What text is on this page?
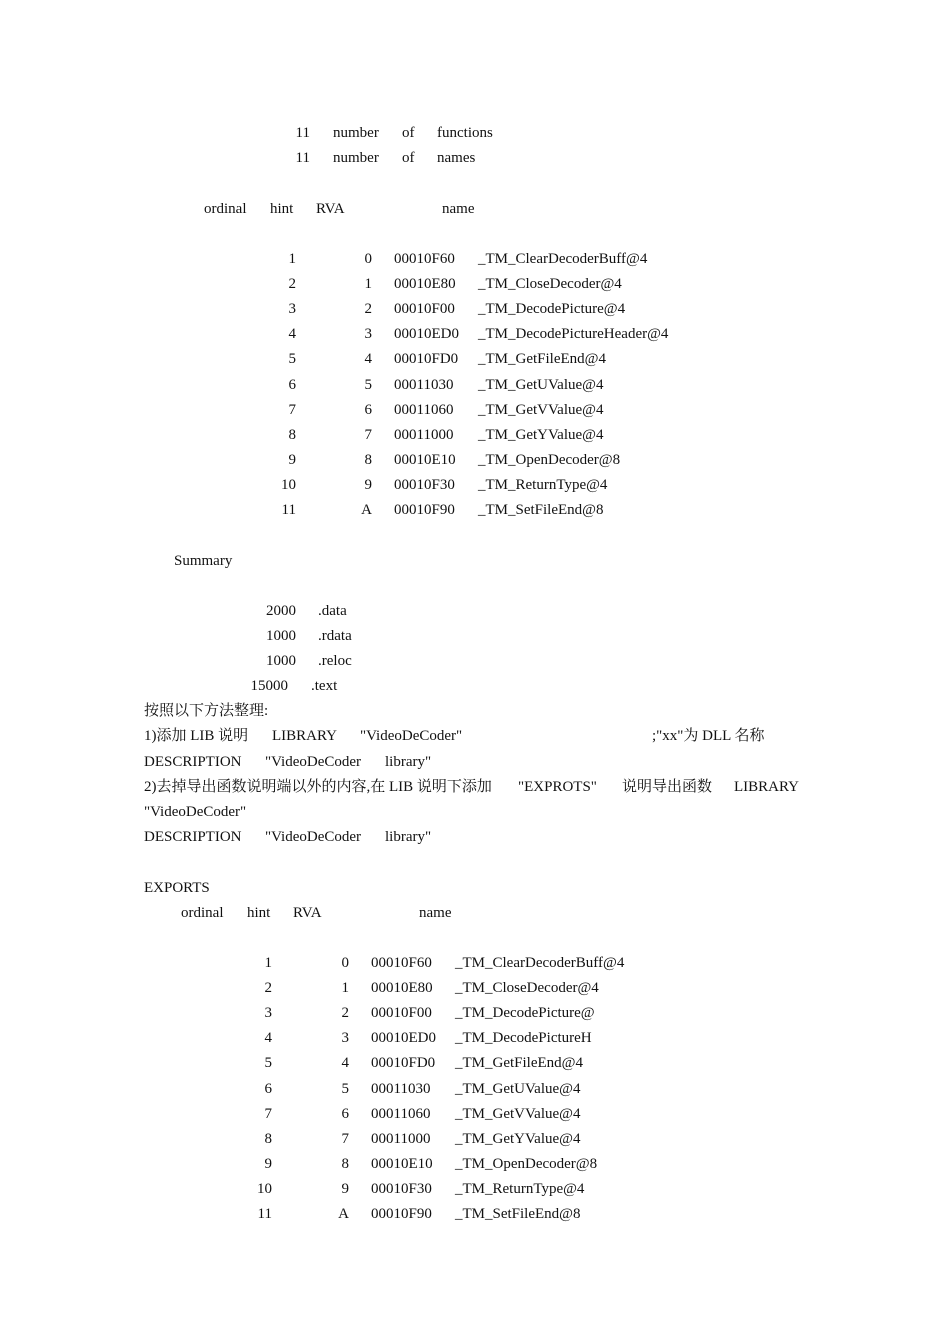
11 number of functions
11 number of names
ordinal hint RVA	name
1	0 00010F60 _TM_ClearDecoderBuff@4
2	1 00010E80 _TM_CloseDecoder@4
3	2 00010F00 _TM_DecodePicture@4
4	3 00010ED0 _TM_DecodePictureHeader@4
5	4 00010FD0 _TM_GetFileEnd@4
6	5 00011030 _TM_GetUValue@4
7	6 00011060 _TM_GetVValue@4
8	7 00011000 _TM_GetYValue@4
9	8 00010E10 _TM_OpenDecoder@8
10	9 00010F30 _TM_ReturnType@4
11	A 00010F90 _TM_SetFileEnd@8
Summary
2000 .data
1000 .rdata
1000 .reloc
15000 .text
按照以下方法整理:
1)添加 LIB 说明 LIBRARY "VideoDeCoder"	;"xx"为 DLL 名称
DESCRIPTION "VideoDeCoder library"
2)去掉导出函数说明端以外的内容,在 LIB 说明下添加 "EXPROTS" 说明导出函数 LIBRARY
"VideoDeCoder"
DESCRIPTION "VideoDeCoder library"
EXPORTS
ordinal hint RVA	name
1	0 00010F60 _TM_ClearDecoderBuff@4
2	1 00010E80 _TM_CloseDecoder@4
3	2 00010F00 _TM_DecodePicture@
4	3 00010ED0 _TM_DecodePictureH
5	4 00010FD0 _TM_GetFileEnd@4
6	5 00011030 _TM_GetUValue@4
7	6 00011060 _TM_GetVValue@4
8	7 00011000 _TM_GetYValue@4
9	8 00010E10 _TM_OpenDecoder@8
10	9 00010F30 _TM_ReturnType@4
11	A 00010F90 _TM_SetFileEnd@8
